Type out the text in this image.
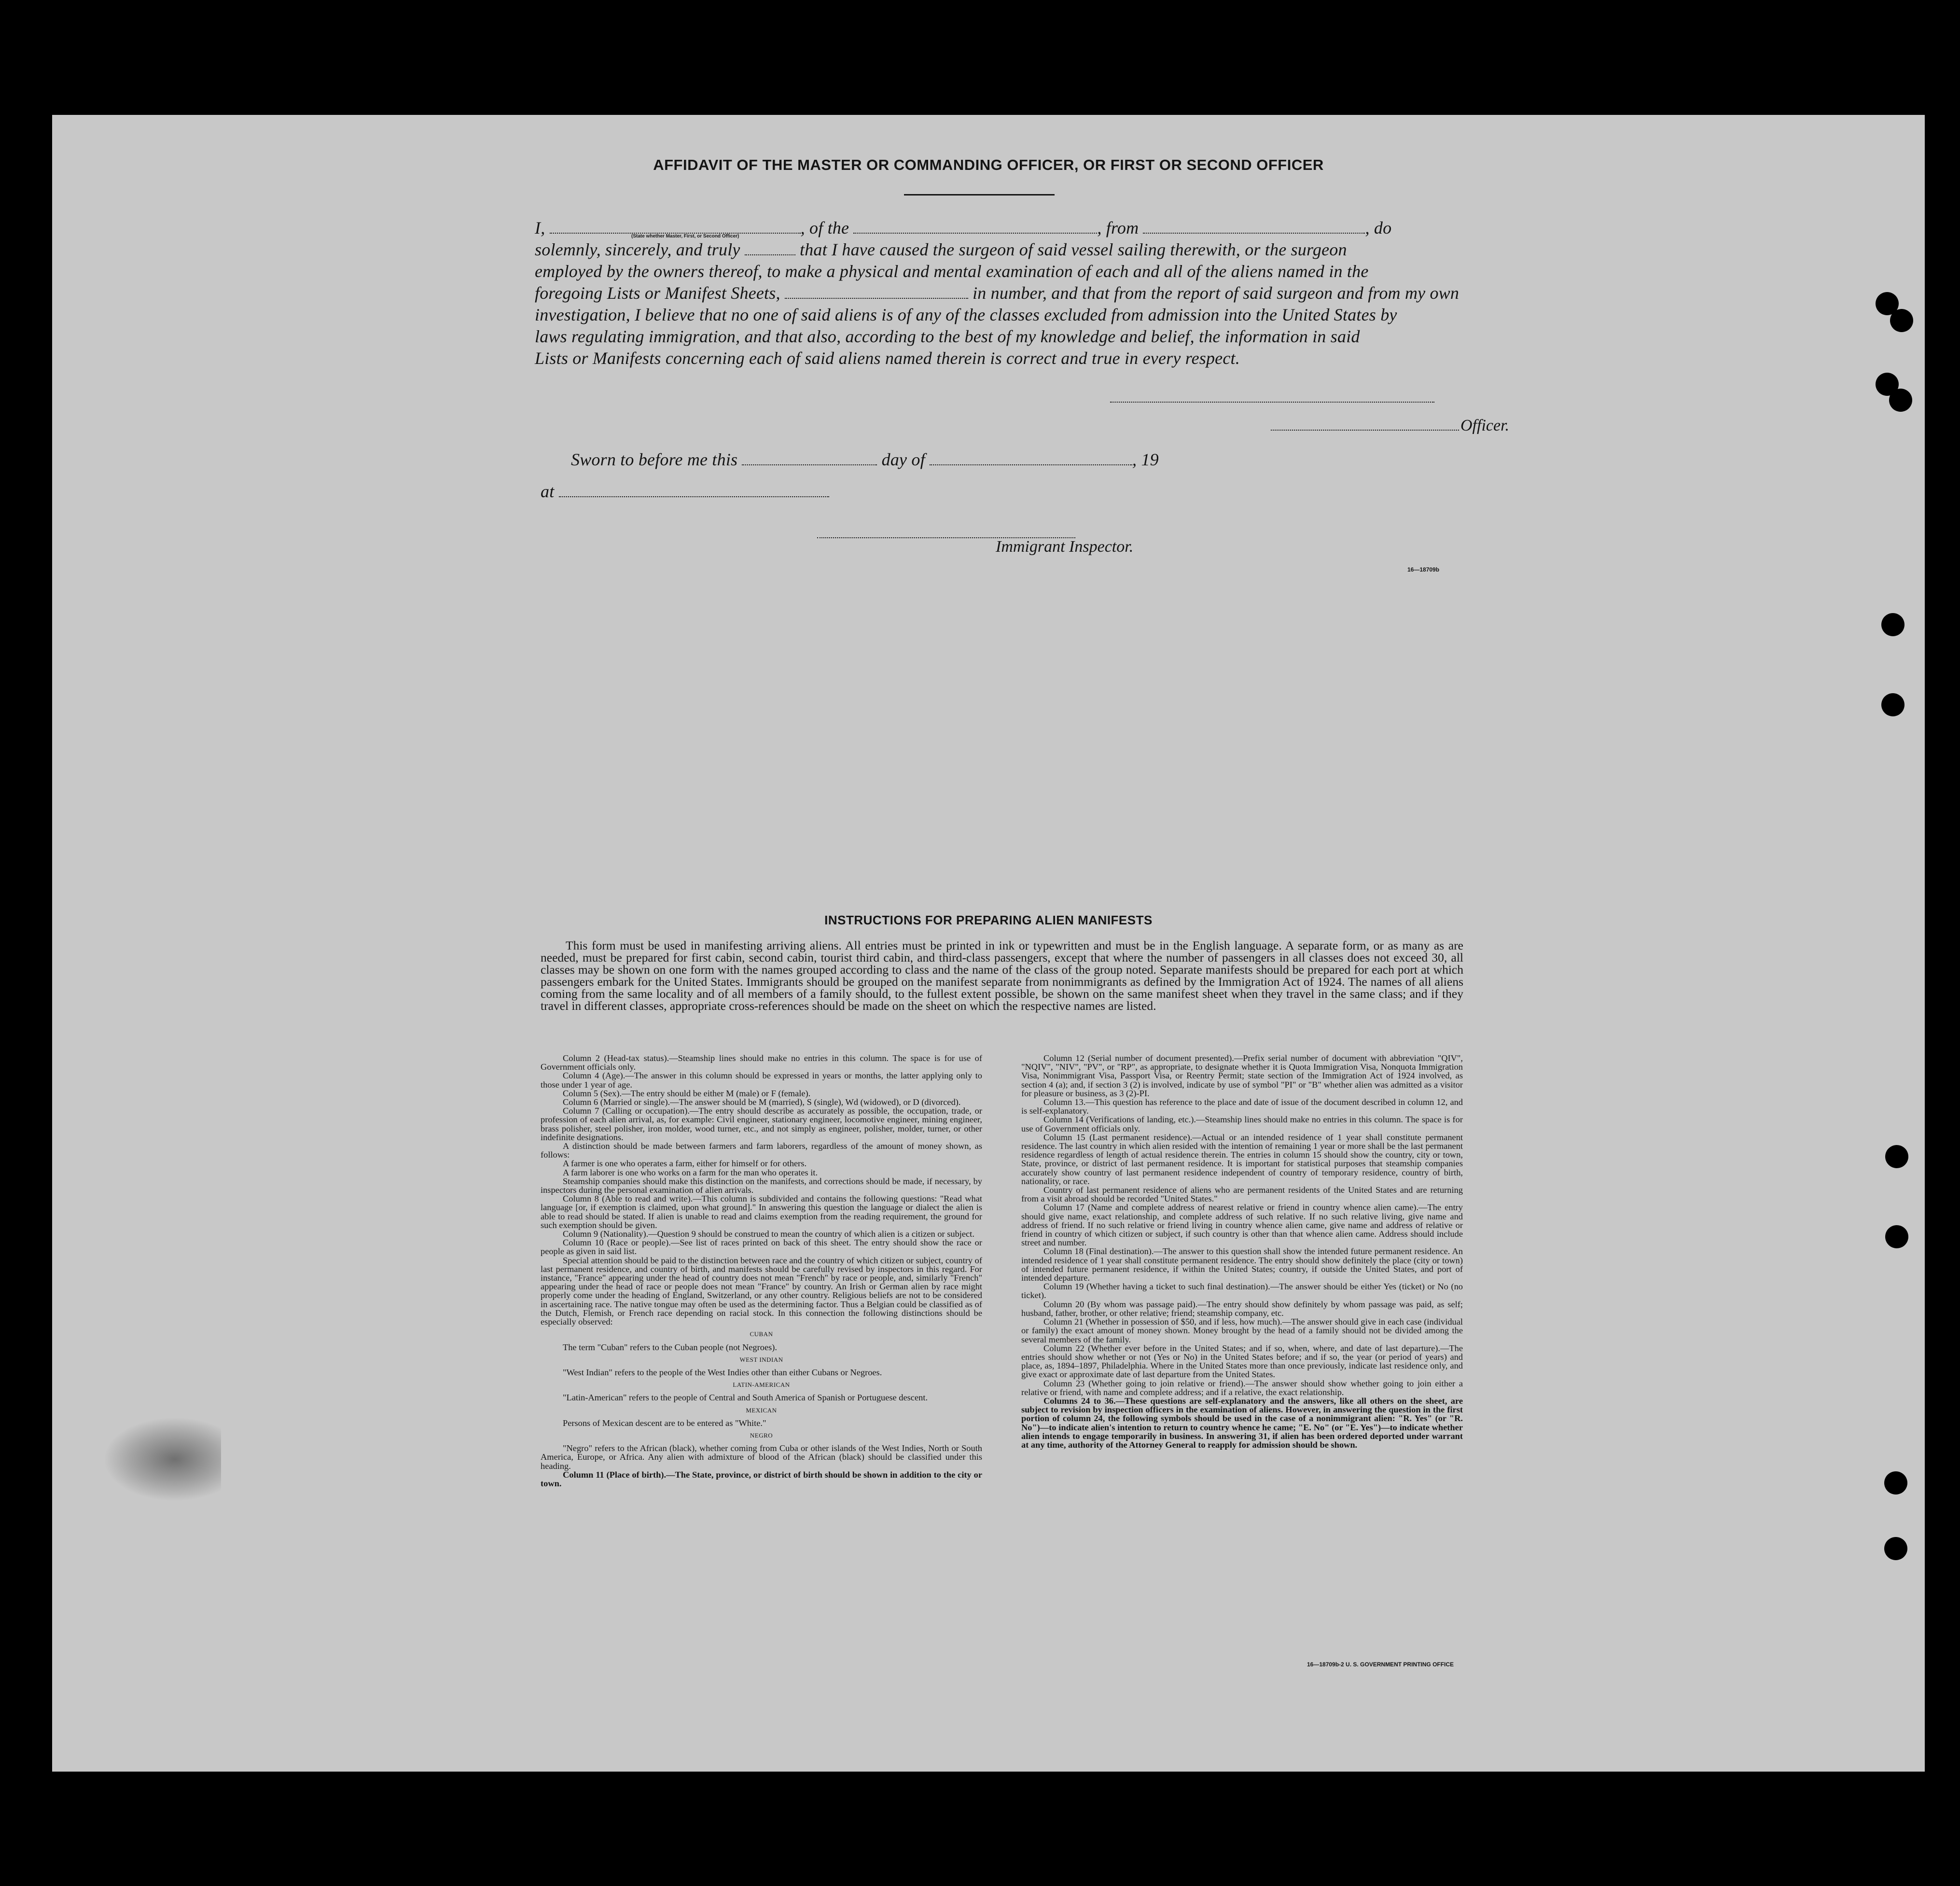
AFFIDAVIT OF THE MASTER OR COMMANDING OFFICER, OR FIRST OR SECOND OFFICER
I,	, of the	, from	, do
(State whether Master, First, or Second Officer)
solemnly, sincerely, and truly	that I have caused the surgeon of said vessel sailing therewith, or the surgeon
employed by the owners thereof, to make a physical and mental examination of each and all of the aliens named in the
foregoing Lists or Manifest Sheets,	in number, and that from the report of said surgeon and from my own
investigation, I believe that no one of said aliens is of any of the classes excluded from admission into the United States by
laws regulating immigration, and that also, according to the best of my knowledge and belief, the information in said
Lists or Manifests concerning each of said aliens named therein is correct and true in every respect.
Officer.
Sworn to before me this	day of	, 19
at
Immigrant Inspector.
16—18709b
INSTRUCTIONS FOR PREPARING ALIEN MANIFESTS
This form must be used in manifesting arriving aliens. All entries must be printed in ink or typewritten and must be in the English language. A separate form, or as many as are needed, must be prepared for first cabin, second cabin, tourist third cabin, and third-class passengers, except that where the number of passengers in all classes does not exceed 30, all classes may be shown on one form with the names grouped according to class and the name of the class of the group noted. Separate manifests should be prepared for each port at which passengers embark for the United States. Immigrants should be grouped on the manifest separate from nonimmigrants as defined by the Immigration Act of 1924. The names of all aliens coming from the same locality and of all members of a family should, to the fullest extent possible, be shown on the same manifest sheet when they travel in the same class; and if they travel in different classes, appropriate cross-references should be made on the sheet on which the respective names are listed.

Column 2 (Head-tax status).—Steamship lines should make no entries in this column. The space is for use of Government officials only.

Column 4 (Age).—The answer in this column should be expressed in years or months, the latter applying only to those under 1 year of age.

Column 5 (Sex).—The entry should be either M (male) or F (female).

Column 6 (Married or single).—The answer should be M (married), S (single), Wd (widowed), or D (divorced).

Column 7 (Calling or occupation).—The entry should describe as accurately as possible, the occupation, trade, or profession of each alien arrival, as, for example: Civil engineer, stationary engineer, locomotive engineer, mining engineer, brass polisher, steel polisher, iron molder, wood turner, etc., and not simply as engineer, polisher, molder, turner, or other indefinite designations.

A distinction should be made between farmers and farm laborers, regardless of the amount of money shown, as follows:

A farmer is one who operates a farm, either for himself or for others.

A farm laborer is one who works on a farm for the man who operates it.

Steamship companies should make this distinction on the manifests, and corrections should be made, if necessary, by inspectors during the personal examination of alien arrivals.

Column 8 (Able to read and write).—This column is subdivided and contains the following questions: "Read what language [or, if exemption is claimed, upon what ground]." In answering this question the language or dialect the alien is able to read should be stated. If alien is unable to read and claims exemption from the reading requirement, the ground for such exemption should be given.

Column 9 (Nationality).—Question 9 should be construed to mean the country of which alien is a citizen or subject.

Column 10 (Race or people).—See list of races printed on back of this sheet. The entry should show the race or people as given in said list.

Special attention should be paid to the distinction between race and the country of which citizen or subject, country of last permanent residence, and country of birth, and manifests should be carefully revised by inspectors in this regard. For instance, "France" appearing under the head of country does not mean "French" by race or people, and, similarly "French" appearing under the head of race or people does not mean "France" by country. An Irish or German alien by race might properly come under the heading of England, Switzerland, or any other country. Religious beliefs are not to be considered in ascertaining race. The native tongue may often be used as the determining factor. Thus a Belgian could be classified as of the Dutch, Flemish, or French race depending on racial stock. In this connection the following distinctions should be especially observed:

CUBAN

The term "Cuban" refers to the Cuban people (not Negroes).

WEST INDIAN

"West Indian" refers to the people of the West Indies other than either Cubans or Negroes.

LATIN-AMERICAN

"Latin-American" refers to the people of Central and South America of Spanish or Portuguese descent.

MEXICAN

Persons of Mexican descent are to be entered as "White."

NEGRO

"Negro" refers to the African (black), whether coming from Cuba or other islands of the West Indies, North or South America, Europe, or Africa. Any alien with admixture of blood of the African (black) should be classified under this heading.

Column 11 (Place of birth).—The State, province, or district of birth should be shown in addition to the city or town.

Column 12 (Serial number of document presented).—Prefix serial number of document with abbreviation "QIV", "NQIV", "NIV", "PV", or "RP", as appropriate, to designate whether it is Quota Immigration Visa, Nonquota Immigration Visa, Nonimmigrant Visa, Passport Visa, or Reentry Permit; state section of the Immigration Act of 1924 involved, as section 4 (a); and, if section 3 (2) is involved, indicate by use of symbol "PI" or "B" whether alien was admitted as a visitor for pleasure or business, as 3 (2)-PI.

Column 13.—This question has reference to the place and date of issue of the document described in column 12, and is self-explanatory.

Column 14 (Verifications of landing, etc.).—Steamship lines should make no entries in this column. The space is for use of Government officials only.

Column 15 (Last permanent residence).—Actual or an intended residence of 1 year shall constitute permanent residence. The last country in which alien resided with the intention of remaining 1 year or more shall be the last permanent residence regardless of length of actual residence therein. The entries in column 15 should show the country, city or town, State, province, or district of last permanent residence. It is important for statistical purposes that steamship companies accurately show country of last permanent residence independent of country of temporary residence, country of birth, nationality, or race.

Country of last permanent residence of aliens who are permanent residents of the United States and are returning from a visit abroad should be recorded "United States."

Column 17 (Name and complete address of nearest relative or friend in country whence alien came).—The entry should give name, exact relationship, and complete address of such relative. If no such relative living, give name and address of friend. If no such relative or friend living in country whence alien came, give name and address of relative or friend in country of which citizen or subject, if such country is other than that whence alien came. Address should include street and number.

Column 18 (Final destination).—The answer to this question shall show the intended future permanent residence. An intended residence of 1 year shall constitute permanent residence. The entry should show definitely the place (city or town) of intended future permanent residence, if within the United States; country, if outside the United States, and port of intended departure.

Column 19 (Whether having a ticket to such final destination).—The answer should be either Yes (ticket) or No (no ticket).

Column 20 (By whom was passage paid).—The entry should show definitely by whom passage was paid, as self; husband, father, brother, or other relative; friend; steamship company, etc.

Column 21 (Whether in possession of $50, and if less, how much).—The answer should give in each case (individual or family) the exact amount of money shown. Money brought by the head of a family should not be divided among the several members of the family.

Column 22 (Whether ever before in the United States; and if so, when, where, and date of last departure).—The entries should show whether or not (Yes or No) in the United States before; and if so, the year (or period of years) and place, as, 1894–1897, Philadelphia. Where in the United States more than once previously, indicate last residence only, and give exact or approximate date of last departure from the United States.

Column 23 (Whether going to join relative or friend).—The answer should show whether going to join either a relative or friend, with name and complete address; and if a relative, the exact relationship.

Columns 24 to 36.—These questions are self-explanatory and the answers, like all others on the sheet, are subject to revision by inspection officers in the examination of aliens. However, in answering the question in the first portion of column 24, the following symbols should be used in the case of a nonimmigrant alien: "R. Yes" (or "R. No")—to indicate alien's intention to return to country whence he came; "E. No" (or "E. Yes")—to indicate whether alien intends to engage temporarily in business. In answering 31, if alien has been ordered deported under warrant at any time, authority of the Attorney General to reapply for admission should be shown.

16—18709b-2 U. S. GOVERNMENT PRINTING OFFICE
